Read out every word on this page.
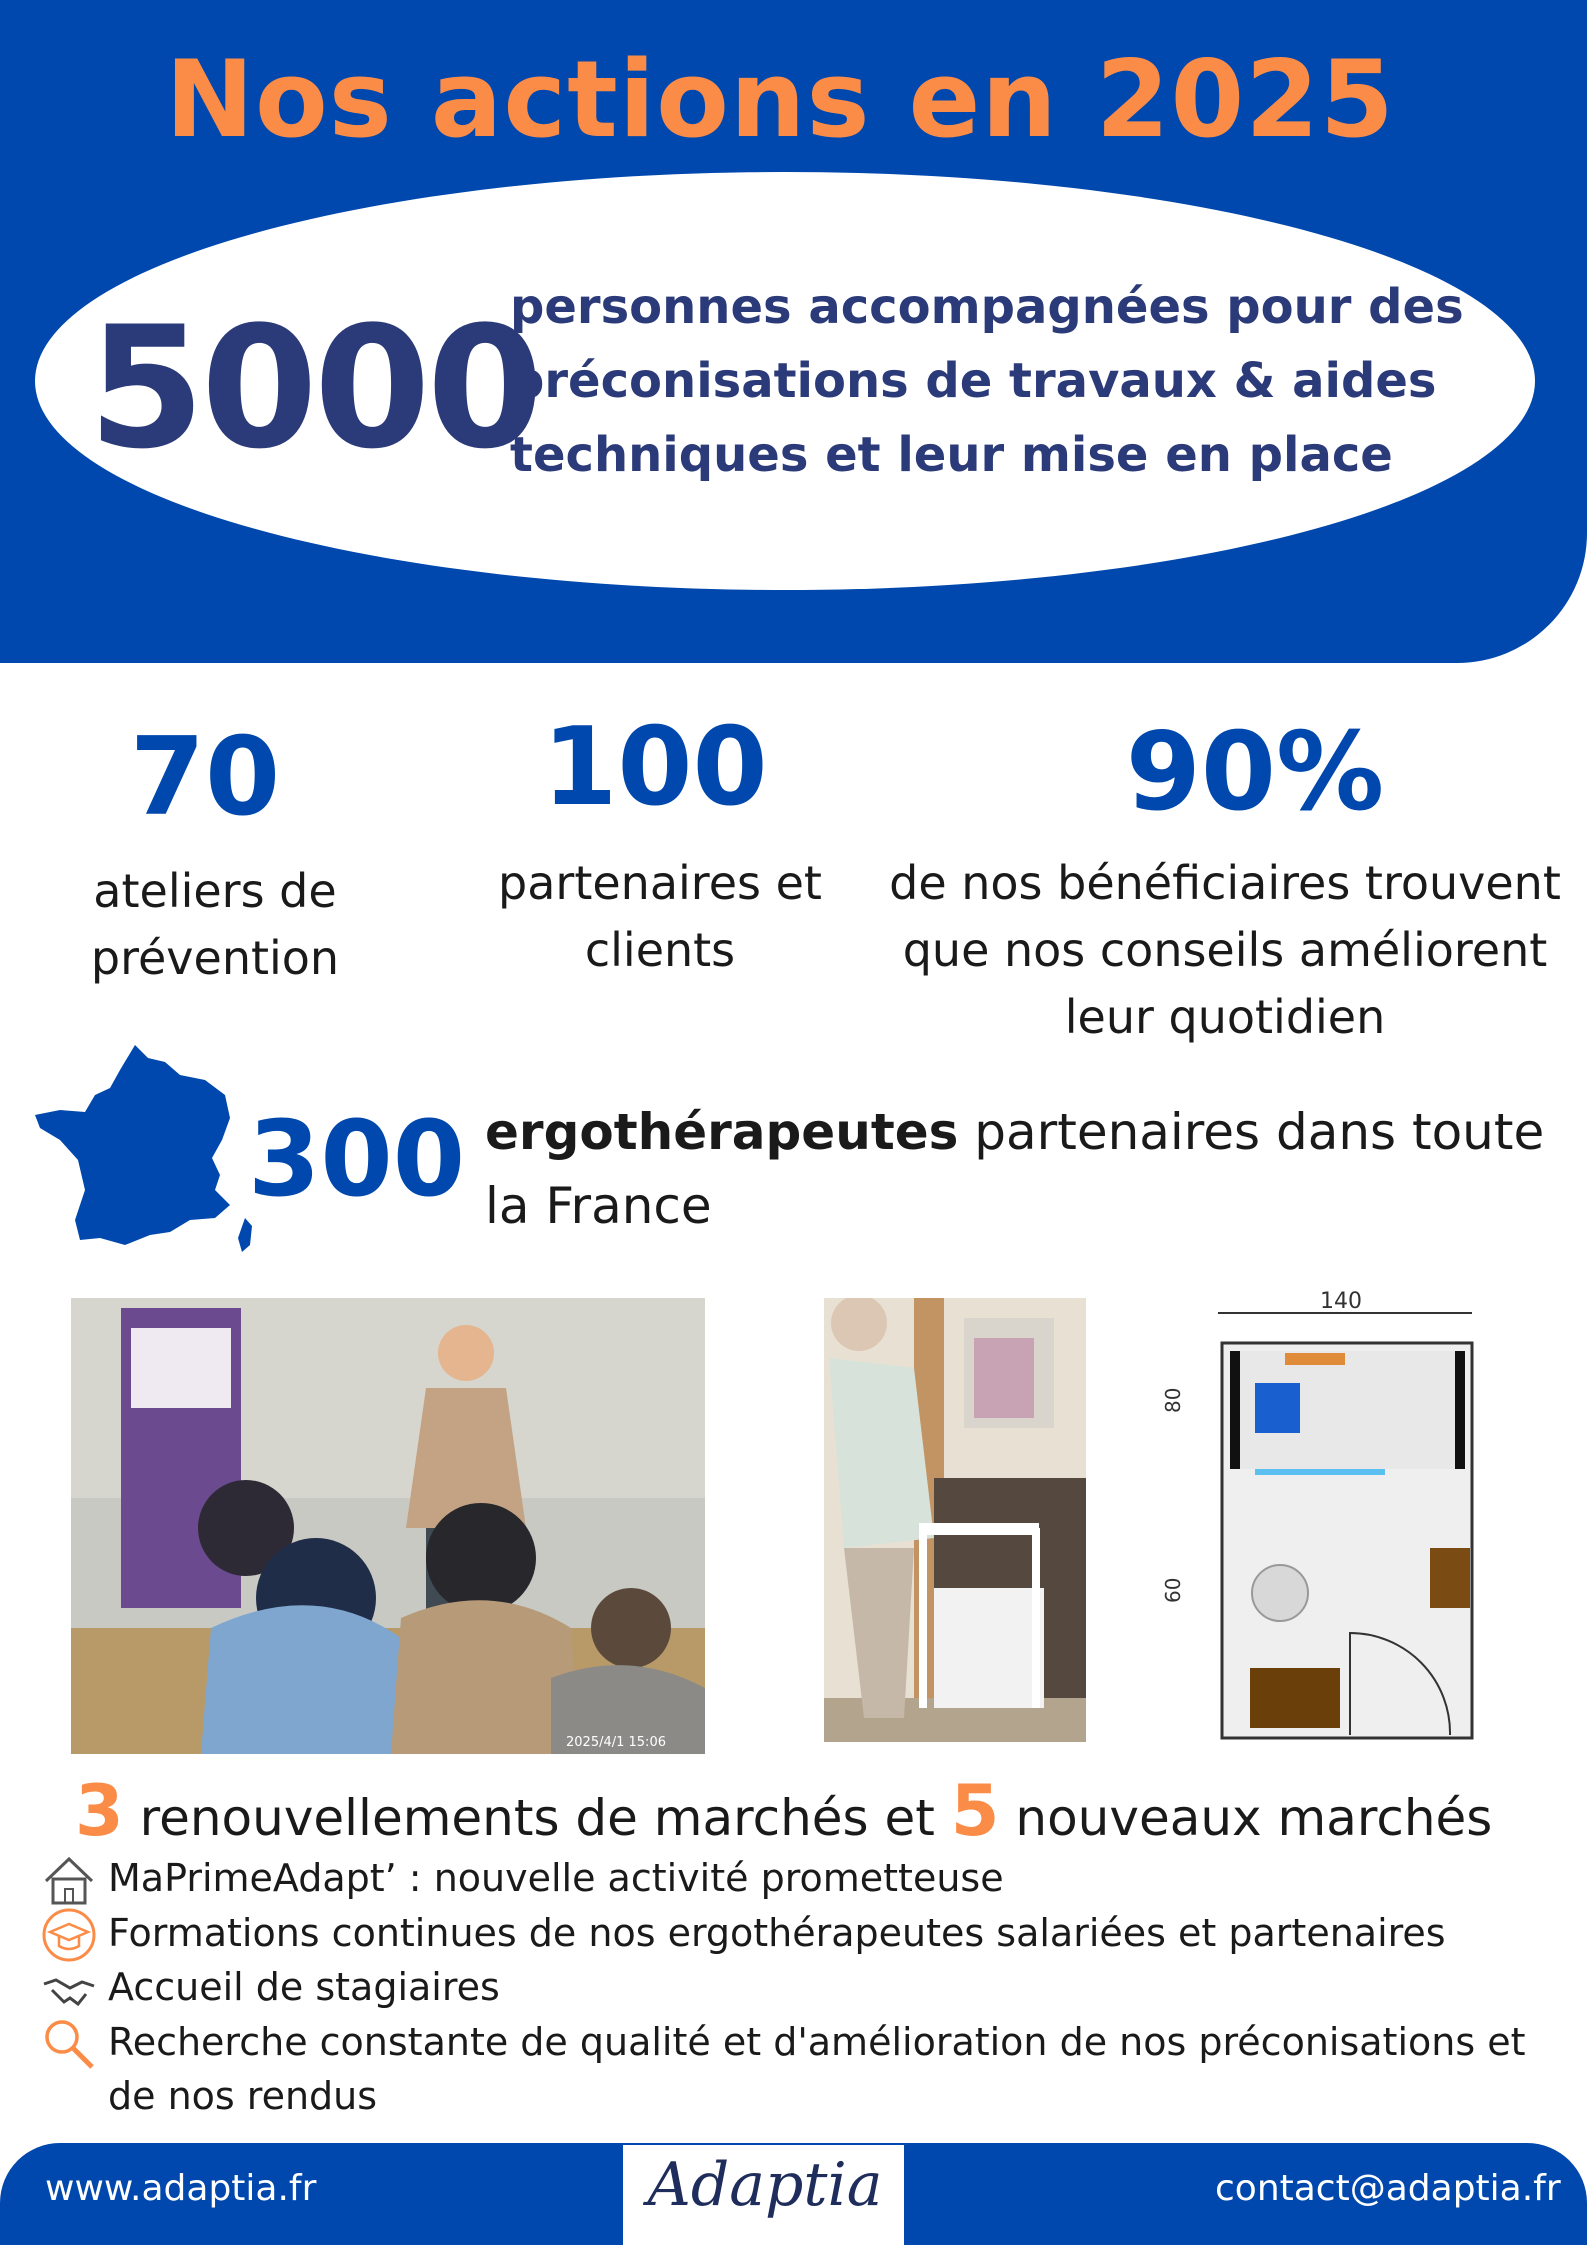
Nos actions en 2025
5000
personnes accompagnées pour des préconisations de travaux & aides techniques et leur mise en place
70
ateliers de prévention
100
partenaires et clients
90%
de nos bénéficiaires trouvent que nos conseils améliorent leur quotidien
300 ergothérapeutes partenaires dans toute la France
2025/4/1 15:06
140
80
60
3 renouvellements de marchés et 5 nouveaux marchés
MaPrimeAdapt’ : nouvelle activité prometteuse
Formations continues de nos ergothérapeutes salariées et partenaires
Accueil de stagiaires
Recherche constante de qualité et d'amélioration de nos préconisations et de nos rendus
www.adaptia.fr	Adaptia	contact@adaptia.fr
